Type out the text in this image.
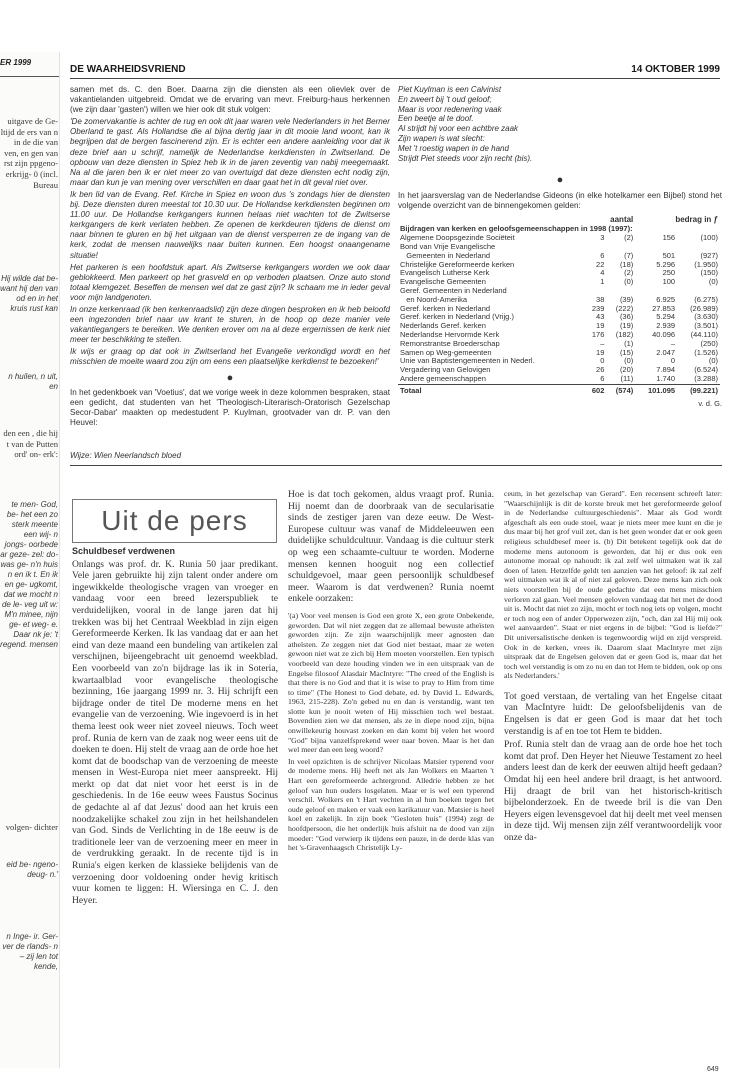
ER 1999

uitgave de Ge- ltijd de ers van n in de die van ven, en gen van rst zijn ppgeno- erkrijg- 0 (incl. Bureau

Hij wilde dat be- want hij den van od en in het kruis rust kan

n huilen, n uit, en

den een , die hij t van de Putten ord' on- erk':

te men- God, be- het een zo sterk meente een wij- n jongs- oorbede ar geze- zel: do- was ge- n'n huis n en ik t. En ik en ge- ugkomt, dat we mocht n de le- veg uit w: M'n minee, nijn ge- et weg- e. Daar nk je: 't regend. mensen

volgen- dichter

eid be- ngeno- deug- n.'

n Inge- ir. Ger- ver de rlands- n – zij len tot kende,

DE WAARHEIDSVRIEND	14 OKTOBER 1999

samen met ds. C. den Boer. Daarna zijn die diensten als een olievlek over de vakantielanden uitgebreid. Omdat we de ervaring van mevr. Freiburg-haus herkennen (we zijn daar 'gasten') willen we hier ook dit stuk volgen:

'De zomervakantie is achter de rug en ook dit jaar waren vele Nederlanders in het Berner Oberland te gast. Als Hollandse die al bijna dertig jaar in dit mooie land woont, kan ik begrijpen dat de bergen fascinerend zijn. Er is echter een andere aanleiding voor dat ik deze brief aan u schrijf, namelijk de Nederlandse kerkdiensten in Zwitserland. De opbouw van deze diensten in Spiez heb ik in de jaren zeventig van nabij meegemaakt. Na al die jaren ben ik er niet meer zo van overtuigd dat deze diensten echt nodig zijn, maar dan kun je van mening over verschillen en daar gaat het in dit geval niet over.

Ik ben lid van de Evang. Ref. Kirche in Spiez en woon dus 's zondags hier de diensten bij. Deze diensten duren meestal tot 10.30 uur. De Hollandse kerkdiensten beginnen om 11.00 uur. De Hollandse kerkgangers kunnen helaas niet wachten tot de Zwitserse kerkgangers de kerk verlaten hebben. Ze openen de kerkdeuren tijdens de dienst om naar binnen te gluren en bij het uitgaan van de dienst versperren ze de ingang van de kerk, zodat de mensen nauwelijks naar buiten kunnen. Een hoogst onaangename situatie!

Het parkeren is een hoofdstuk apart. Als Zwitserse kerkgangers worden we ook daar geblokkeerd. Men parkeert op het grasveld en op verboden plaatsen. Onze auto stond totaal klemgezet. Beseffen de mensen wel dat ze gast zijn? Ik schaam me in ieder geval voor mijn landgenoten.

In onze kerkenraad (ik ben kerkenraadslid) zijn deze dingen besproken en ik heb beloofd een ingezonden brief naar uw krant te sturen, in de hoop op deze manier vele vakantiegangers te bereiken. We denken erover om na al deze ergernissen de kerk niet meer ter beschikking te stellen.

Ik wijs er graag op dat ook in Zwitserland het Evangelie verkondigd wordt en het misschien de moeite waard zou zijn om eens een plaatselijke kerkdienst te bezoeken!'

●

In het gedenkboek van 'Voetius', dat we vorige week in deze kolommen bespraken, staat een gedicht, dat studenten van het 'Theologisch-Literarisch-Oratorisch Gezelschap Secor-Dabar' maakten op medestudent P. Kuylman, grootvader van dr. P. van den Heuvel:

Wijze: Wien Neerlandsch bloed
Piet Kuylman is een Calvinist
En zweert bij 't oud geloof;
Maar is voor redenering vaak
Een beetje al te doof.
Al strijdt hij voor een achtbre zaak
Zijn wapen is wat slecht:
Met 't roestig wapen in de hand
Strijdt Piet steeds voor zijn recht (bis).
●

In het jaarsverslag van de Nederlandse Gideons (in elke hotelkamer een Bijbel) stond het volgende overzicht van de binnengekomen gelden:

	aantal		bedrag in ƒ	
Bijdragen van kerken en geloofsgemeenschappen in 1998 (1997):				
Algemene Doopsgezinde Sociëteit	3	(2)	156	(100)
Bond van Vrije Evangelische				
Gemeenten in Nederland	6	(7)	501	(927)
Christelijke Gereformeerde kerken	22	(18)	5.296	(1.950)
Evangelisch Lutherse Kerk	4	(2)	250	(150)
Evangelische Gemeenten	1	(0)	100	(0)
Geref. Gemeenten in Nederland				
en Noord-Amerika	38	(39)	6.925	(6.275)
Geref. kerken in Nederland	239	(222)	27.853	(26.989)
Geref. kerken in Nederland (Vrijg.)	43	(36)	5.294	(3.630)
Nederlands Geref. kerken	19	(19)	2.939	(3.501)
Nederlandse Hervormde Kerk	176	(182)	40.096	(44.110)
Remonstrantse Broederschap	–	(1)	–	(250)
Samen op Weg-gemeenten	19	(15)	2.047	(1.526)
Unie van Baptistengemeenten in Nederl.	0	(0)	0	(0)
Vergadering van Gelovigen	26	(20)	7.894	(6.524)
Andere gemeenschappen	6	(11)	1.740	(3.288)
Totaal	602	(574)	101.095	(99.221)
v. d. G.
Uit de pers
Schuldbesef verdwenen

Onlangs was prof. dr. K. Runia 50 jaar predikant. Vele jaren gebruikte hij zijn talent onder andere om ingewikkelde theologische vragen van vroeger en vandaag voor een breed lezerspubliek te verduidelijken, vooral in de lange jaren dat hij trekken was bij het Centraal Weekblad in zijn eigen Gereformeerde Kerken. Ik las vandaag dat er aan het eind van deze maand een bundeling van artikelen zal verschijnen, bijeengebracht uit genoemd weekblad. Een voorbeeld van zo'n bijdrage las ik in Soteria, kwartaalblad voor evangelische theologische bezinning, 16e jaargang 1999 nr. 3. Hij schrijft een bijdrage onder de titel De moderne mens en het evangelie van de verzoening. Wie ingevoerd is in het thema leest ook weer niet zoveel nieuws. Toch weet prof. Runia de kern van de zaak nog weer eens uit de doeken te doen. Hij stelt de vraag aan de orde hoe het komt dat de boodschap van de verzoening de meeste mensen in West-Europa niet meer aanspreekt. Hij merkt op dat dat niet voor het eerst is in de geschiedenis. In de 16e eeuw wees Faustus Socinus de gedachte al af dat Jezus' dood aan het kruis een noodzakelijke schakel zou zijn in het heilshandelen van God. Sinds de Verlichting in de 18e eeuw is de traditionele leer van de verzoening meer en meer in de verdrukking geraakt. In de recente tijd is in Runia's eigen kerken de klassieke belijdenis van de verzoening door voldoening onder hevig kritisch vuur komen te liggen: H. Wiersinga en C. J. den Heyer.

Hoe is dat toch gekomen, aldus vraagt prof. Runia. Hij noemt dan de doorbraak van de secularisatie sinds de zestiger jaren van deze eeuw. De West-Europese cultuur was vanaf de Middeleeuwen een duidelijke schuldcultuur. Vandaag is die cultuur sterk op weg een schaamte-cultuur te worden. Moderne mensen kennen hooguit nog een collectief schuldgevoel, maar geen persoonlijk schuldbesef meer. Waarom is dat verdwenen? Runia noemt enkele oorzaken:

'(a) Voor veel mensen is God een grote X, een grote Onbekende, geworden. Dat wil niet zeggen dat ze allemaal bewuste atheïsten geworden zijn. Ze zijn waarschijnlijk meer agnosten dan atheïsten. Ze zeggen niet dat God niet bestaat, maar ze weten gewoon niet wat ze zich bij Hem moeten voorstellen. Een typisch voorbeeld van deze houding vinden we in een uitspraak van de Engelse filosoof Alasdair MacIntyre: "The creed of the English is that there is no God and that it is wise to pray to Him from time to time" (The Honest to God debate, ed. by David L. Edwards, 1963, 215-228). Zo'n gebed nu en dan is verstandig, want ten slotte kun je nooit weten of Hij misschien toch wel bestaat. Bovendien zien we dat mensen, als ze in diepe nood zijn, bijna onwillekeurig houvast zoeken en dan komt bij velen het woord "God" bijna vanzelfsprekend weer naar boven. Maar is het dan wel meer dan een leeg woord?

In veel opzichten is de schrijver Nicolaas Matsier typerend voor de moderne mens. Hij heeft net als Jan Wolkers en Maarten 't Hart een gereformeerde achtergrond. Alledrie hebben ze het geloof van hun ouders losgelaten. Maar er is wel een typerend verschil. Wolkers en 't Hart vechten in al hun boeken tegen het oude geloof en maken er vaak een karikatuur van. Matsier is heel koel en zakelijk. In zijn boek "Gesloten huis" (1994) zegt de hoofdpersoon, die het onderlijk huis afsluit na de dood van zijn moeder: "God verwierp ik tijdens een pauze, in de derde klas van het 's-Gravenhaagsch Christelijk Ly-

ceum, in het gezelschap van Gerard". Een recensent schreeft later: "Waarschijnlijk is dit de korste breuk met het gereformeerde geloof in de Nederlandse cultuurgeschiedenis". Maar als God wordt afgeschaft als een oude stoel, waar je niets meer mee kunt en die je dus maar bij het grof vuil zet, dan is het geen wonder dat er ook geen religieus schuldbesef meer is. (b) Dit betekent tegelijk ook dat de moderne mens autonoom is geworden, dat hij er dus ook een autonome moraal op nahoudt: ik zal zelf wel uitmaken wat ik zal doen of laten. Hetzelfde geldt ten aanzien van het geloof: ik zal zelf wel uitmaken wat ik al of niet zal geloven. Deze mens kan zich ook niets voorstellen bij de oude gedachte dat een mens misschien verloren zal gaan. Veel mensen geloven vandaag dat het met de dood uit is. Mocht dat niet zo zijn, mocht er toch nog iets op volgen, mocht er toch nog een of ander Opperwezen zijn, "och, dan zal Hij mij ook wel aanvaarden". Staat er niet ergens in de bijbel: "God is liefde?" Dit universalistische denken is tegenwoordig wijd en zijd verspreid. Ook in de kerken, vrees ik. Daarom slaat MacIntyre met zijn uitspraak dat de Engelsen geloven dat er geen God is, maar dat het toch wel verstandig is om zo nu en dan tot Hem te bidden, ook op ons als Nederlanders.'

Tot goed verstaan, de vertaling van het Engelse citaat van MacIntyre luidt: De geloofsbelijdenis van de Engelsen is dat er geen God is maar dat het toch verstandig is af en toe tot Hem te bidden.

Prof. Runia stelt dan de vraag aan de orde hoe het toch komt dat prof. Den Heyer het Nieuwe Testament zo heel anders leest dan de kerk der eeuwen altijd heeft gedaan? Omdat hij een heel andere bril draagt, is het antwoord. Hij draagt de bril van het historisch-kritisch bijbelonderzoek. En de tweede bril is die van Den Heyers eigen levensgevoel dat hij deelt met veel mensen in deze tijd. Wij mensen zijn zélf verantwoordelijk voor onze da-

649
